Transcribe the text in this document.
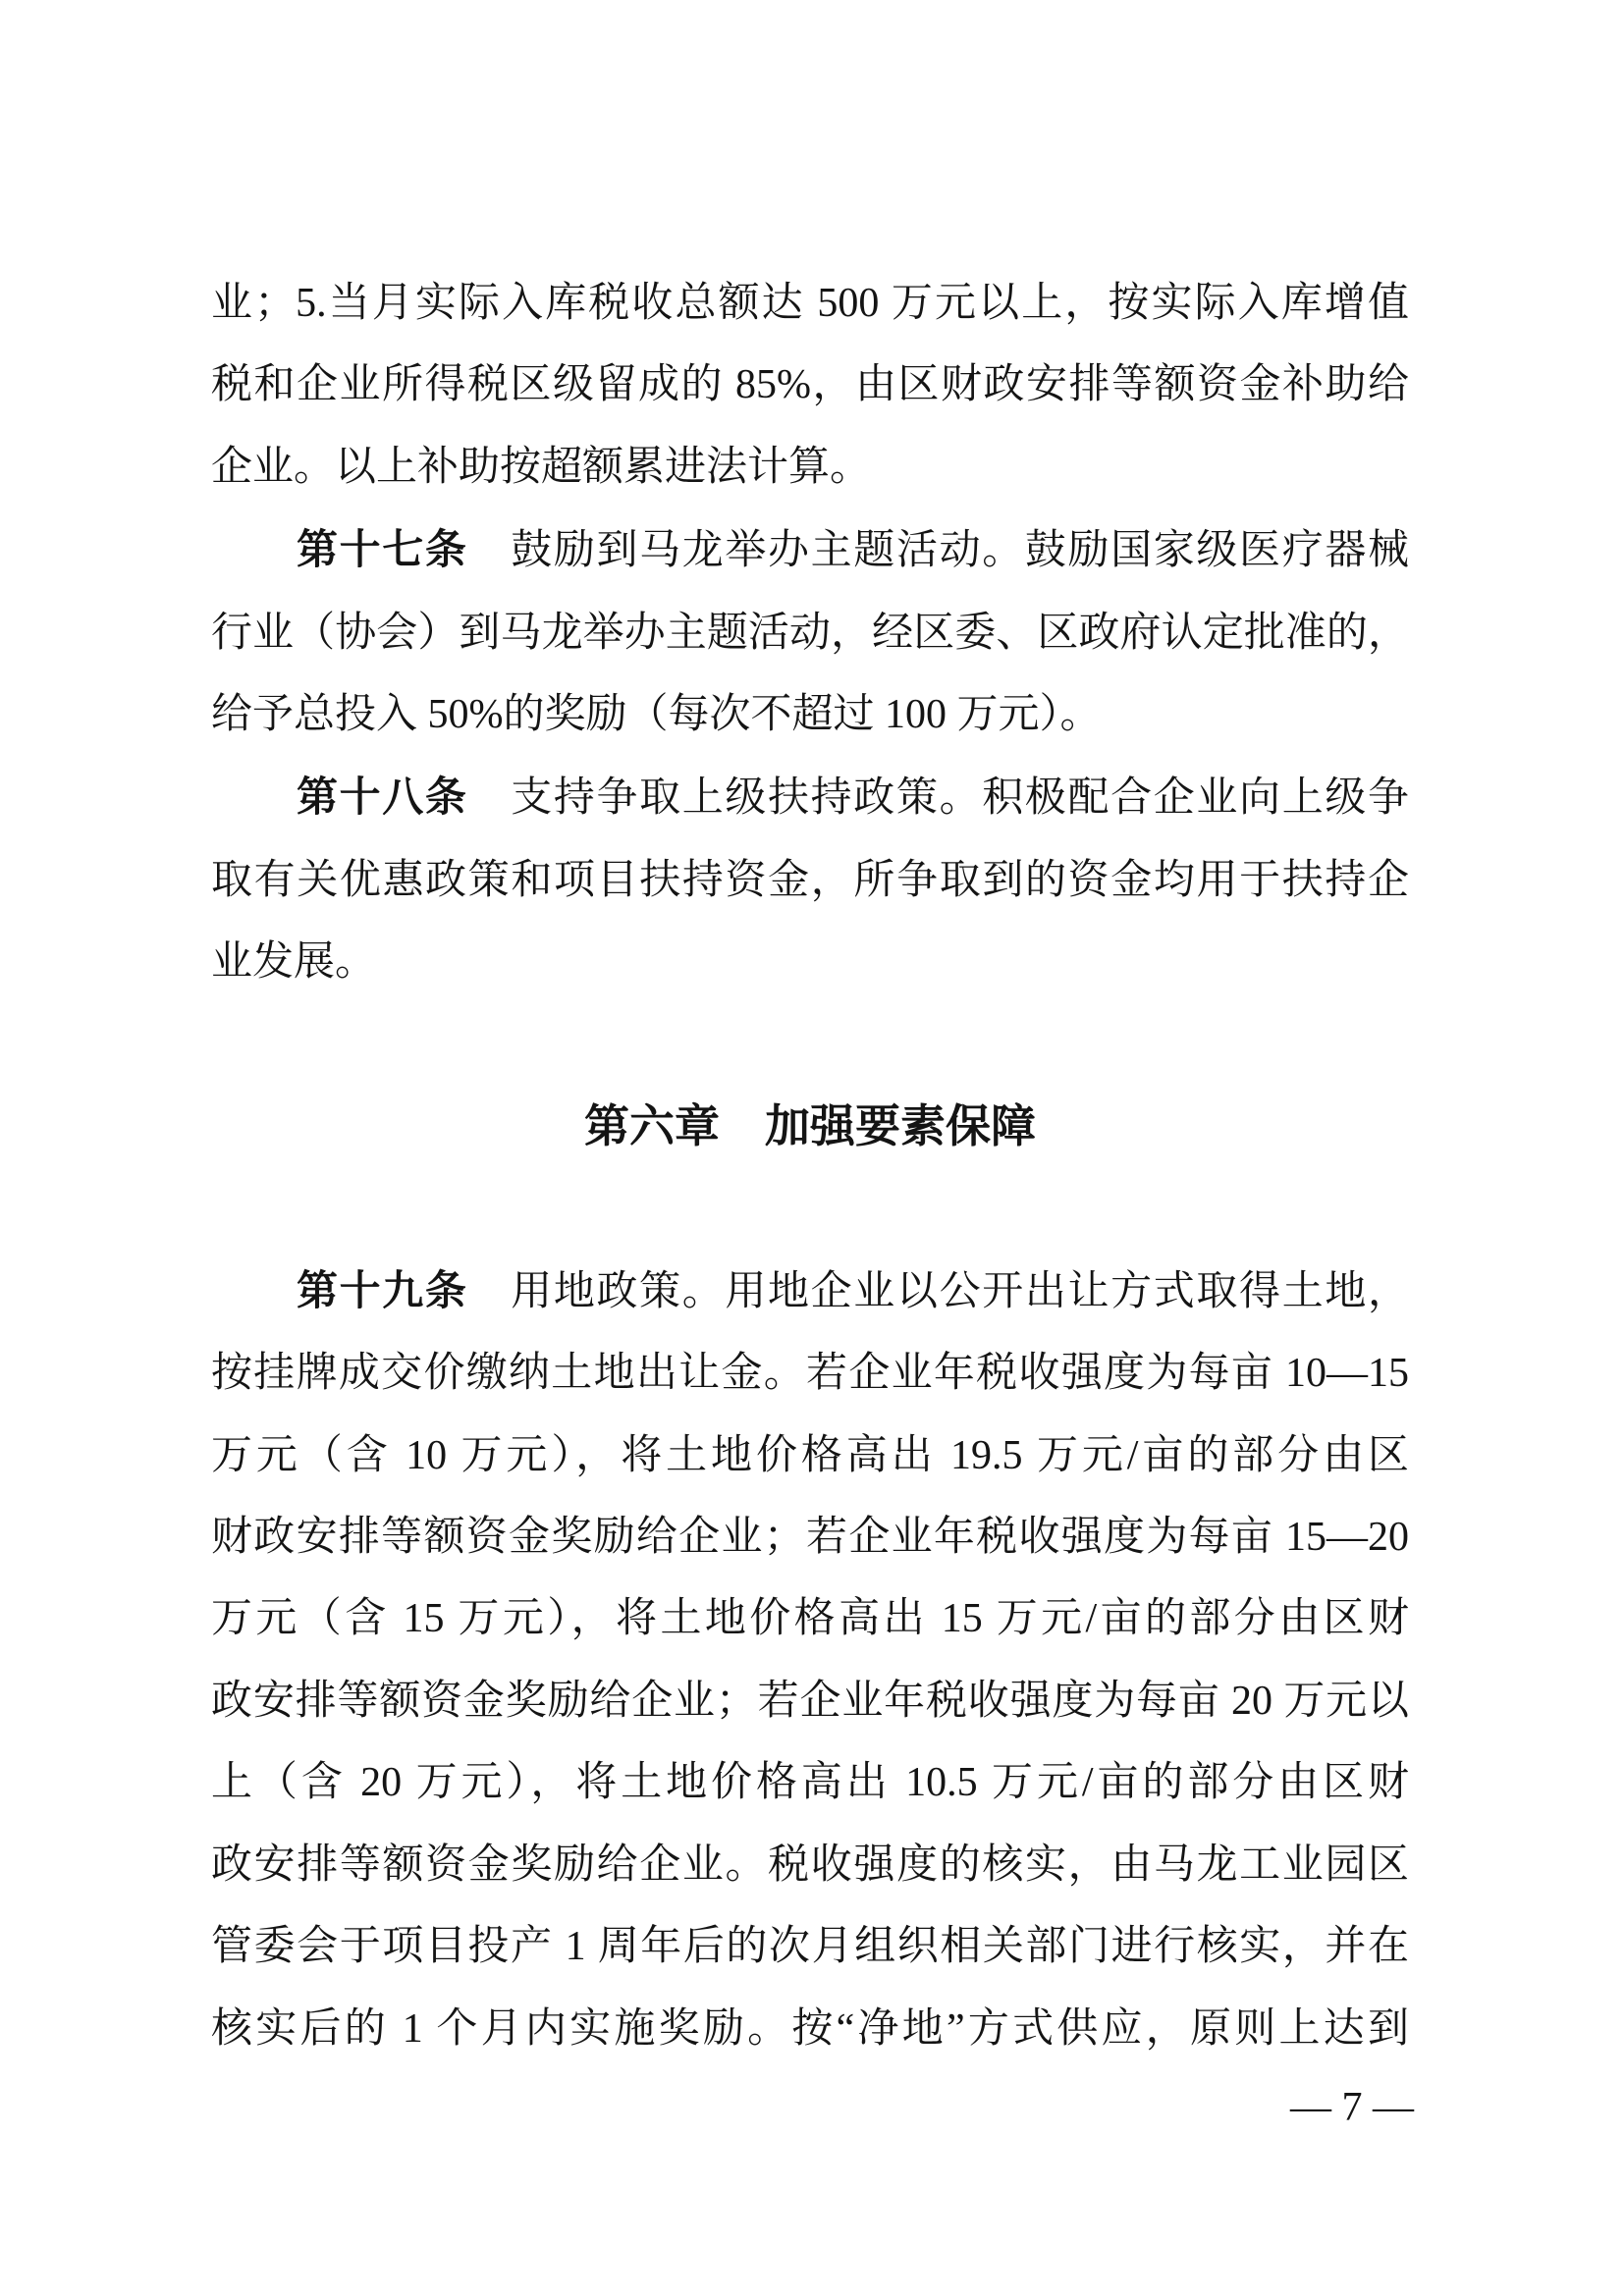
业；5.当月实际入库税收总额达 500 万元以上，按实际入库增值
税和企业所得税区级留成的 85%，由区财政安排等额资金补助给
企业。以上补助按超额累进法计算。
第十七条　鼓励到马龙举办主题活动。鼓励国家级医疗器械
行业（协会）到马龙举办主题活动，经区委、区政府认定批准的，
给予总投入 50%的奖励（每次不超过 100 万元）。
第十八条　支持争取上级扶持政策。积极配合企业向上级争
取有关优惠政策和项目扶持资金，所争取到的资金均用于扶持企
业发展。
第六章　加强要素保障
第十九条　用地政策。用地企业以公开出让方式取得土地，
按挂牌成交价缴纳土地出让金。若企业年税收强度为每亩 10—15
万元（含 10 万元），将土地价格高出 19.5 万元/亩的部分由区
财政安排等额资金奖励给企业；若企业年税收强度为每亩 15—20
万元（含 15 万元），将土地价格高出 15 万元/亩的部分由区财
政安排等额资金奖励给企业；若企业年税收强度为每亩 20 万元以
上（含 20 万元），将土地价格高出 10.5 万元/亩的部分由区财
政安排等额资金奖励给企业。税收强度的核实，由马龙工业园区
管委会于项目投产 1 周年后的次月组织相关部门进行核实，并在
核实后的 1 个月内实施奖励。按“净地”方式供应，原则上达到
— 7 —
